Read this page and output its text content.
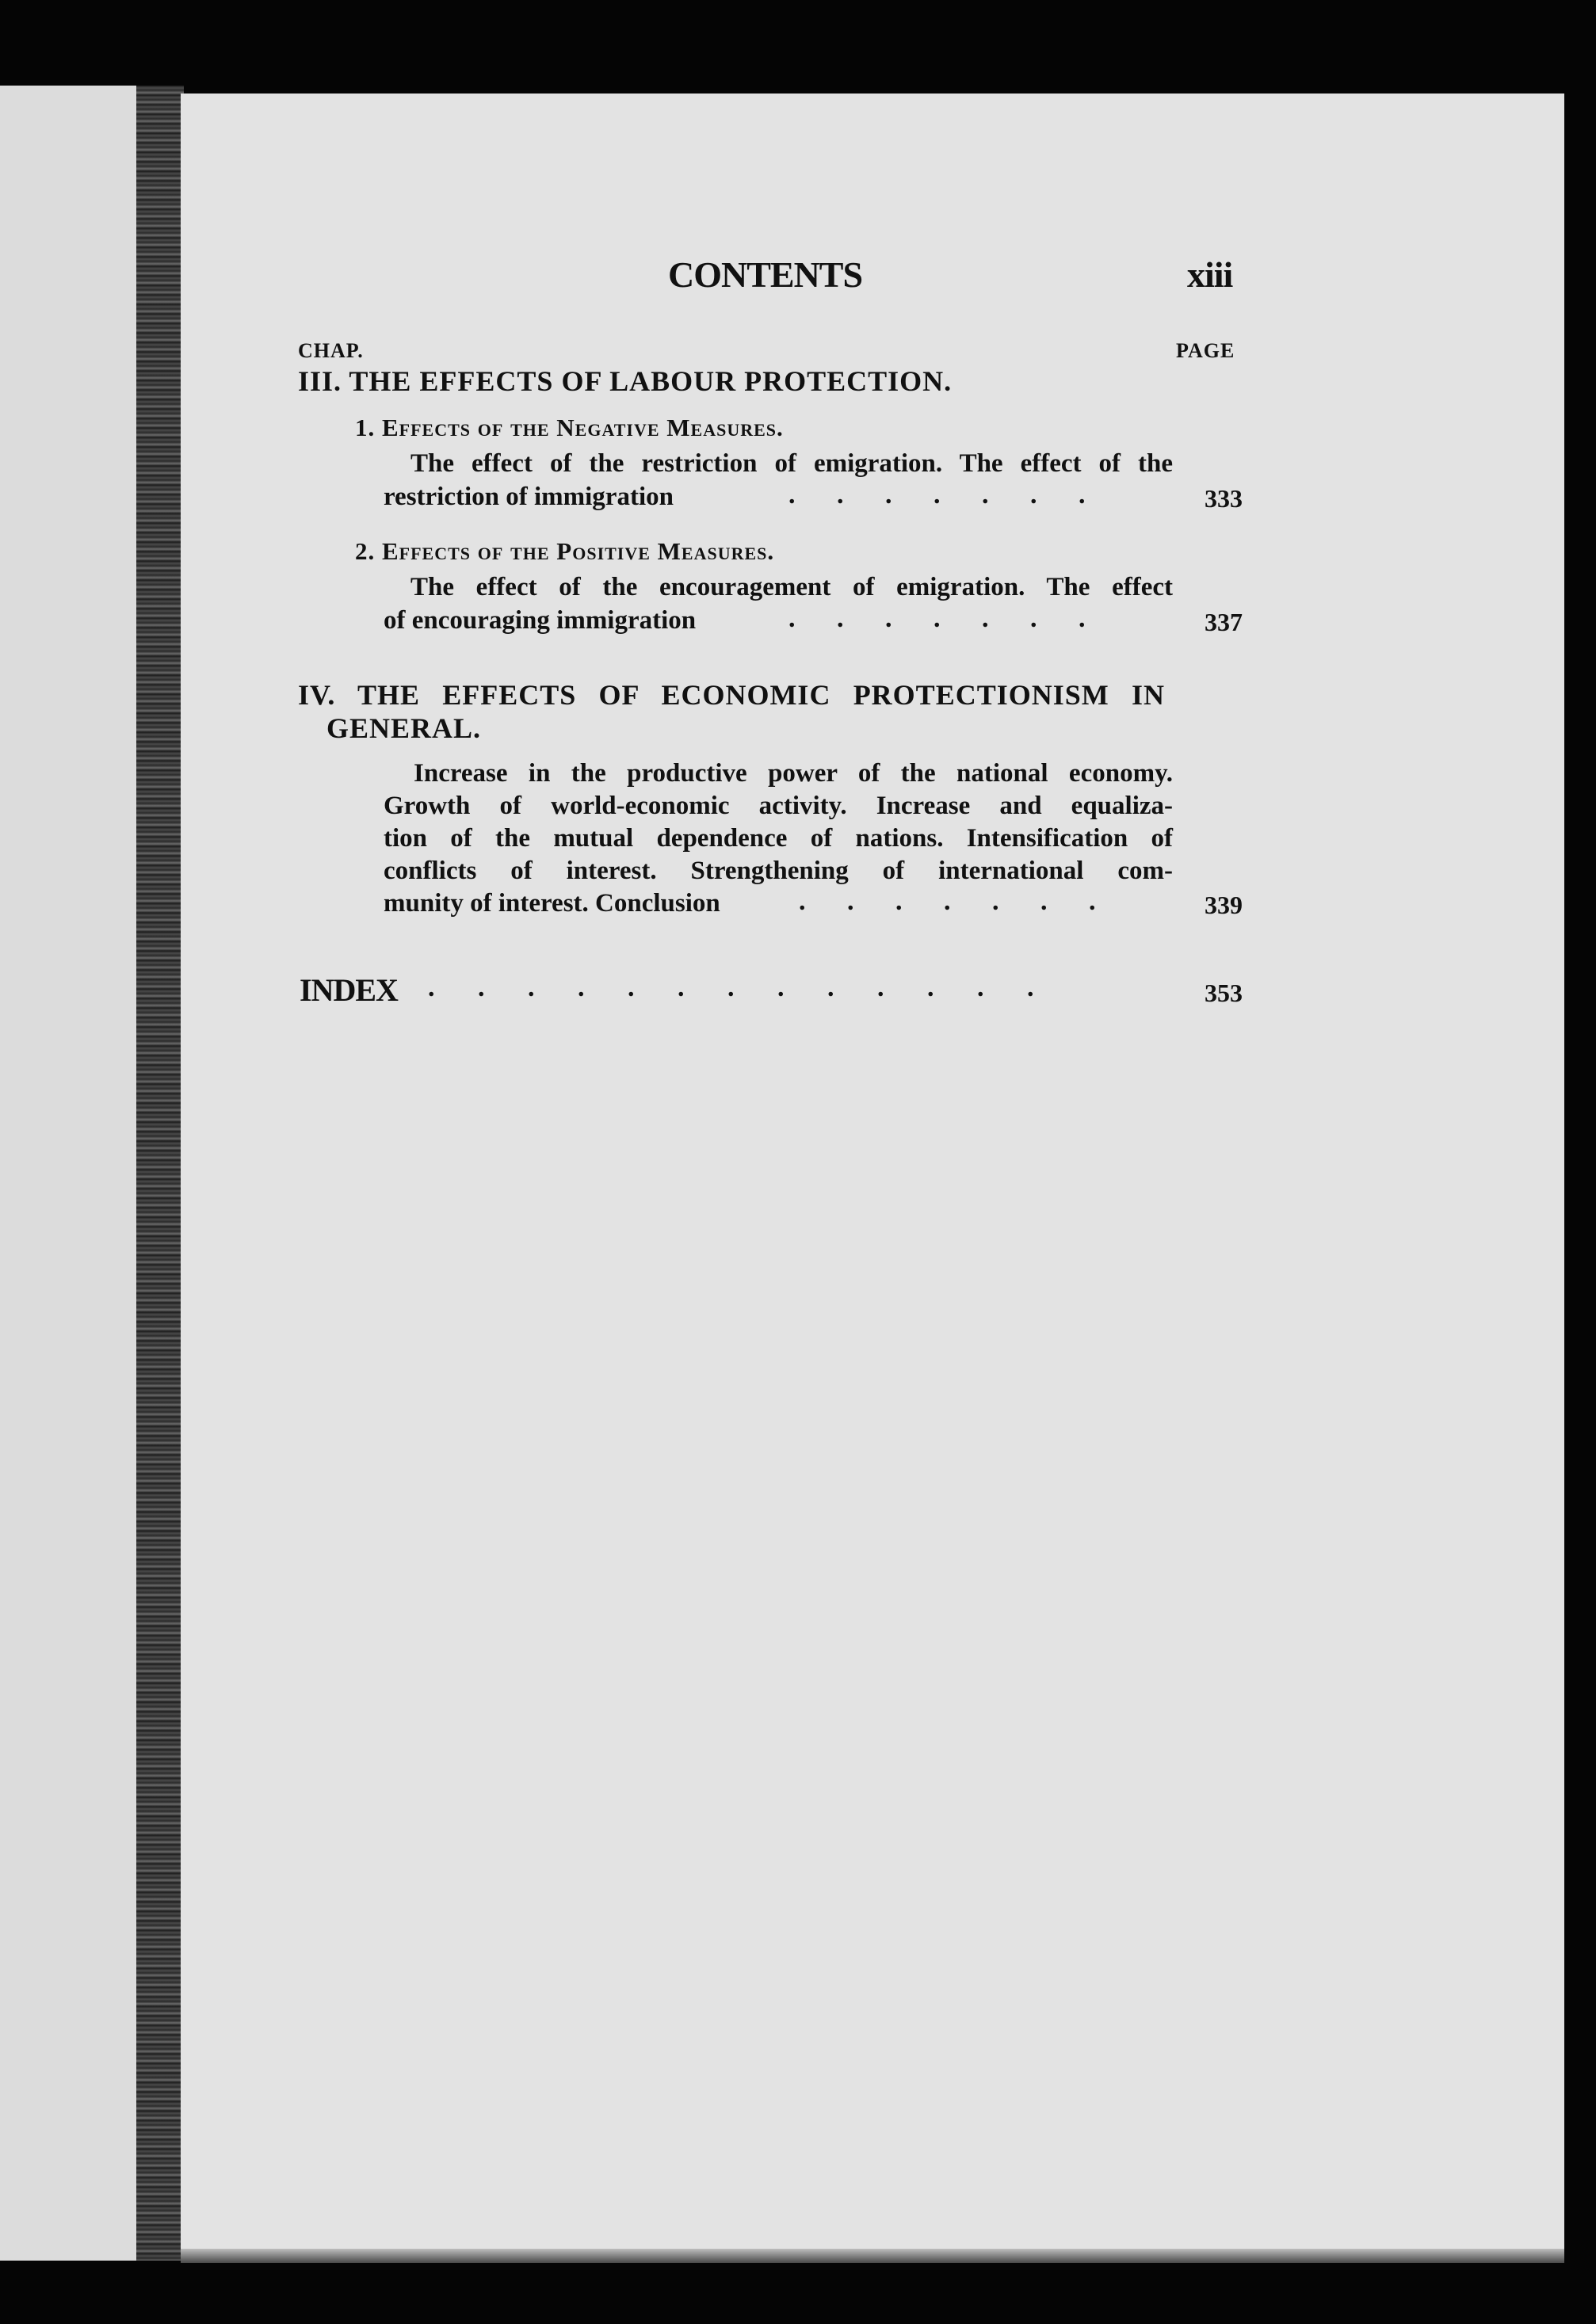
CONTENTS	xiii
CHAP.	PAGE
III. THE EFFECTS OF LABOUR PROTECTION.
1. Effects of the Negative Measures.
The effect of the restriction of emigration. The effect of the
restriction of immigration	. . . . . . .	333
2. Effects of the Positive Measures.
The effect of the encouragement of emigration. The effect
of encouraging immigration	. . . . . . .	337
IV. THE EFFECTS OF ECONOMIC PROTECTIONISM IN
GENERAL.
Increase in the productive power of the national economy.
Growth of world-economic activity. Increase and equaliza-
tion of the mutual dependence of nations. Intensification of
conflicts of interest. Strengthening of international com-
munity of interest. Conclusion	. . . . . . .	339
INDEX . . . . . . . . . . . . .	353
